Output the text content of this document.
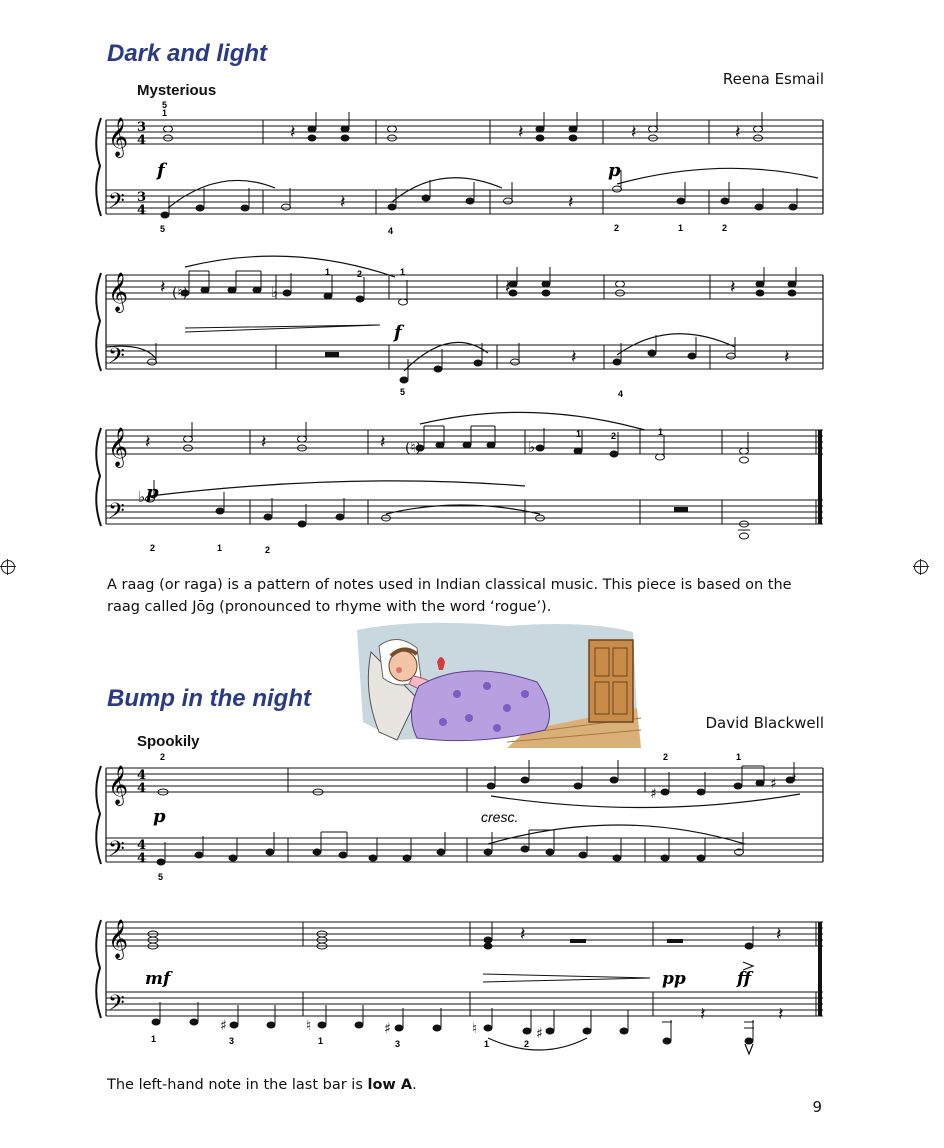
Dark and light
Reena Esmail
Mysterious
𝄞
𝄢
3
4
3
4
𝄽	𝄽	𝄽	𝄽
𝄽	𝄽
f	p
5
1
5	4	2	1	2
𝄞
𝄢
𝄽	𝄽	𝄽
𝄽	𝄽
(♮)	♭
f
1	2	1
5	4
𝄞
𝄢
𝄽	𝄽	𝄽 (♮)	♭
♭ p
1	2	1
2	1	2

A raag (or raga) is a pattern of notes used in Indian classical music. This piece is based on the raag called Jōg (pronounced to rhyme with the word ‘rogue’).

Bump in the night
David Blackwell
Spookily
𝄞
𝄢
4
4
4
4
♯
♯ ♯
p	cresc.
2	2	1
5
𝄞
𝄢
♯	♮	♯	♮	♯
𝄽	𝄽
𝄽	𝄽
mf	pp	ff
1	3	1	3	1	2

The left-hand note in the last bar is low A.

9
